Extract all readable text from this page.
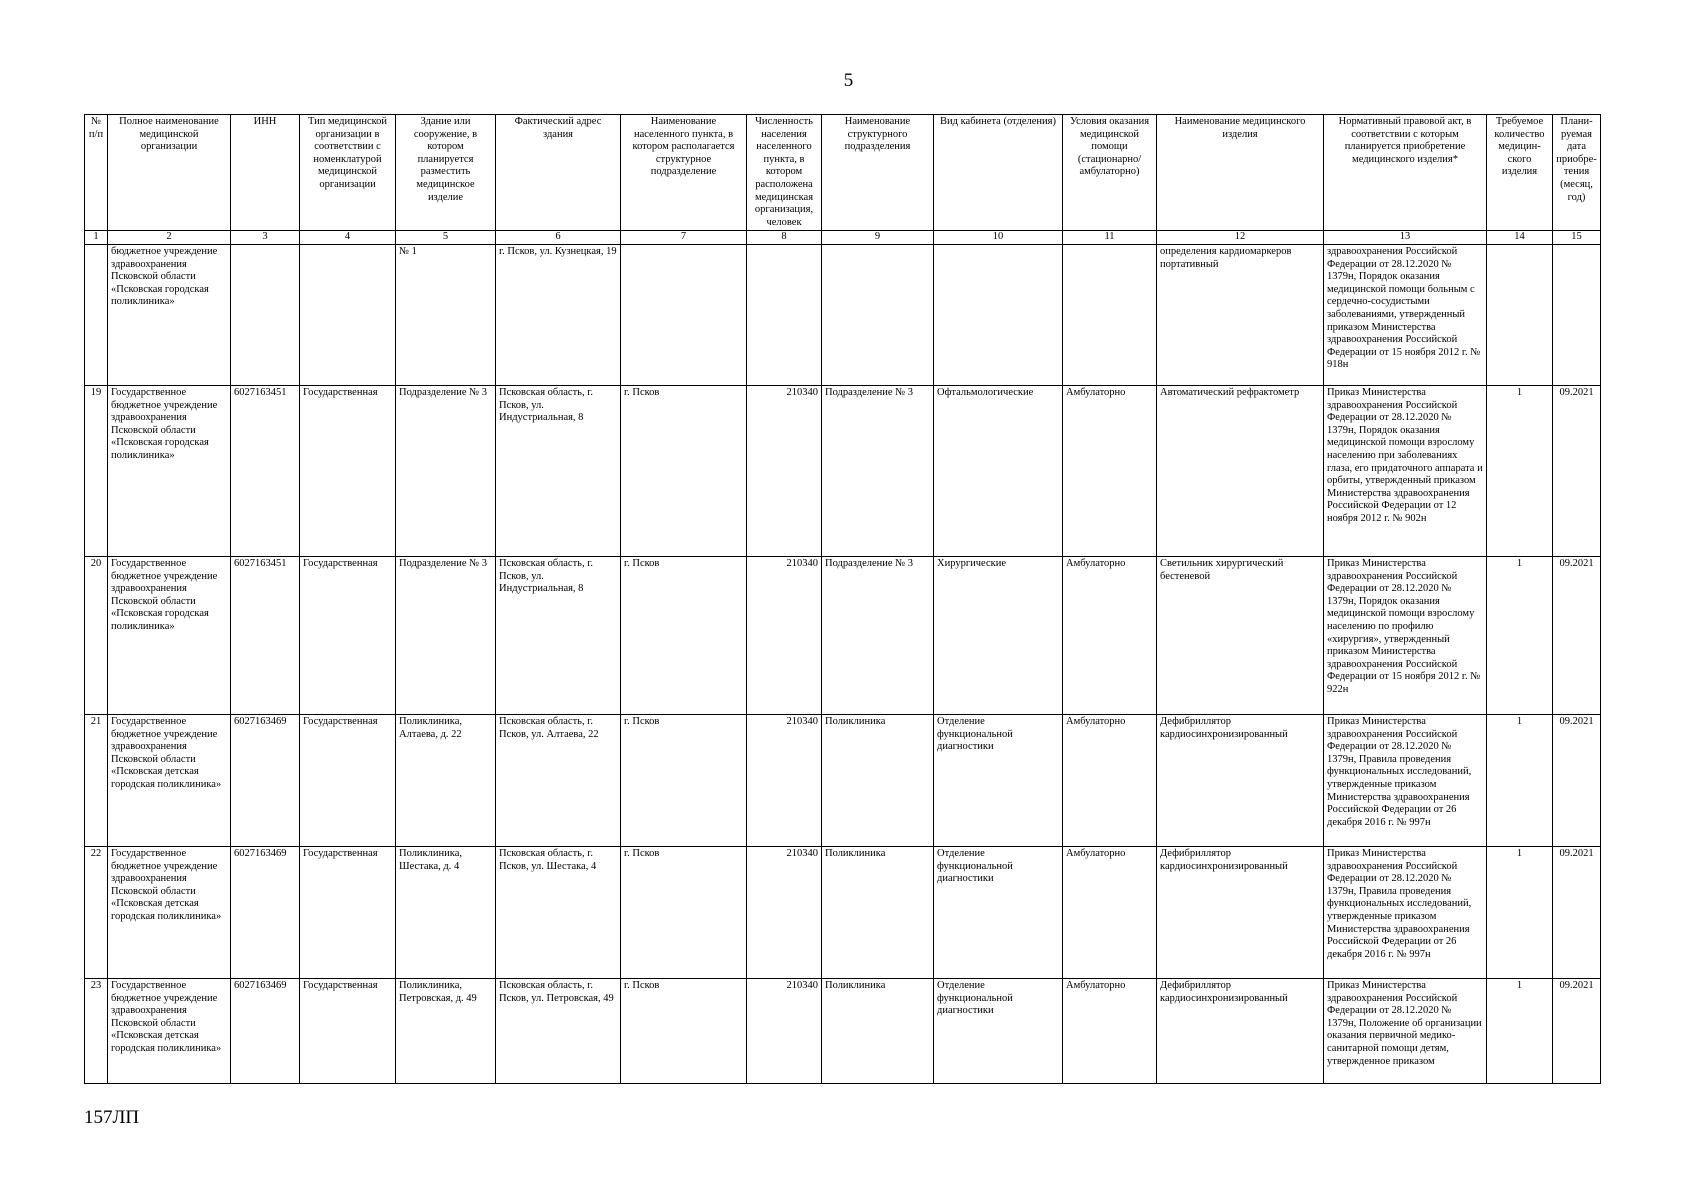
5
№ п/п	Полное наименование медицинской организации	ИНН	Тип медицинской организации в соответствии с номенклатурой медицинской организации	Здание или сооружение, в котором планируется разместить медицинское изделие	Фактический адрес здания	Наименование населенного пункта, в котором располагается структурное подразделение	Численность населения населенного пункта, в котором расположена медицинская организация, человек	Наименование структурного подразделения	Вид кабинета (отделения)	Условия оказания медицинской помощи (стационарно/ амбулаторно)	Наименование медицинского изделия	Нормативный правовой акт, в соответствии с которым планируется приобретение медицинского изделия*	Требуемое количество медицин-ского изделия	Плани-руемая дата приобре-тения (месяц, год)
1	2	3	4	5	6	7	8	9	10	11	12	13	14	15
	бюджетное учреждение здравоохранения Псковской области «Псковская городская поликлиника»			№ 1	г. Псков, ул. Кузнецкая, 19						определения кардиомаркеров портативный	здравоохранения Российской Федерации от 28.12.2020 № 1379н, Порядок оказания медицинской помощи больным с сердечно-сосудистыми заболеваниями, утвержденный приказом Министерства здравоохранения Российской Федерации от 15 ноября 2012 г. № 918н		
19	Государственное бюджетное учреждение здравоохранения Псковской области «Псковская городская поликлиника»	6027163451	Государственная	Подразделение № 3	Псковская область, г. Псков, ул. Индустриальная, 8	г. Псков	210340	Подразделение № 3	Офтальмологические	Амбулаторно	Автоматический рефрактометр	Приказ Министерства здравоохранения Российской Федерации от 28.12.2020 № 1379н, Порядок оказания медицинской помощи взрослому населению при заболеваниях глаза, его придаточного аппарата и орбиты, утвержденный приказом Министерства здравоохранения Российской Федерации от 12 ноября 2012 г. № 902н	1	09.2021
20	Государственное бюджетное учреждение здравоохранения Псковской области «Псковская городская поликлиника»	6027163451	Государственная	Подразделение № 3	Псковская область, г. Псков, ул. Индустриальная, 8	г. Псков	210340	Подразделение № 3	Хирургические	Амбулаторно	Светильник хирургический бестеневой	Приказ Министерства здравоохранения Российской Федерации от 28.12.2020 № 1379н, Порядок оказания медицинской помощи взрослому населению по профилю «хирургия», утвержденный приказом Министерства здравоохранения Российской Федерации от 15 ноября 2012 г. № 922н	1	09.2021
21	Государственное бюджетное учреждение здравоохранения Псковской области «Псковская детская городская поликлиника»	6027163469	Государственная	Поликлиника, Алтаева, д. 22	Псковская область, г. Псков, ул. Алтаева, 22	г. Псков	210340	Поликлиника	Отделение функциональной диагностики	Амбулаторно	Дефибриллятор кардиосинхронизированный	Приказ Министерства здравоохранения Российской Федерации от 28.12.2020 № 1379н, Правила проведения функциональных исследований, утвержденные приказом Министерства здравоохранения Российской Федерации от 26 декабря 2016 г. № 997н	1	09.2021
22	Государственное бюджетное учреждение здравоохранения Псковской области «Псковская детская городская поликлиника»	6027163469	Государственная	Поликлиника, Шестака, д. 4	Псковская область, г. Псков, ул. Шестака, 4	г. Псков	210340	Поликлиника	Отделение функциональной диагностики	Амбулаторно	Дефибриллятор кардиосинхронизированный	Приказ Министерства здравоохранения Российской Федерации от 28.12.2020 № 1379н, Правила проведения функциональных исследований, утвержденные приказом Министерства здравоохранения Российской Федерации от 26 декабря 2016 г. № 997н	1	09.2021
23	Государственное бюджетное учреждение здравоохранения Псковской области «Псковская детская городская поликлиника»	6027163469	Государственная	Поликлиника, Петровская, д. 49	Псковская область, г. Псков, ул. Петровская, 49	г. Псков	210340	Поликлиника	Отделение функциональной диагностики	Амбулаторно	Дефибриллятор кардиосинхронизированный	Приказ Министерства здравоохранения Российской Федерации от 28.12.2020 № 1379н, Положение об организации оказания первичной медико-санитарной помощи детям, утвержденное приказом	1	09.2021
157ЛП
